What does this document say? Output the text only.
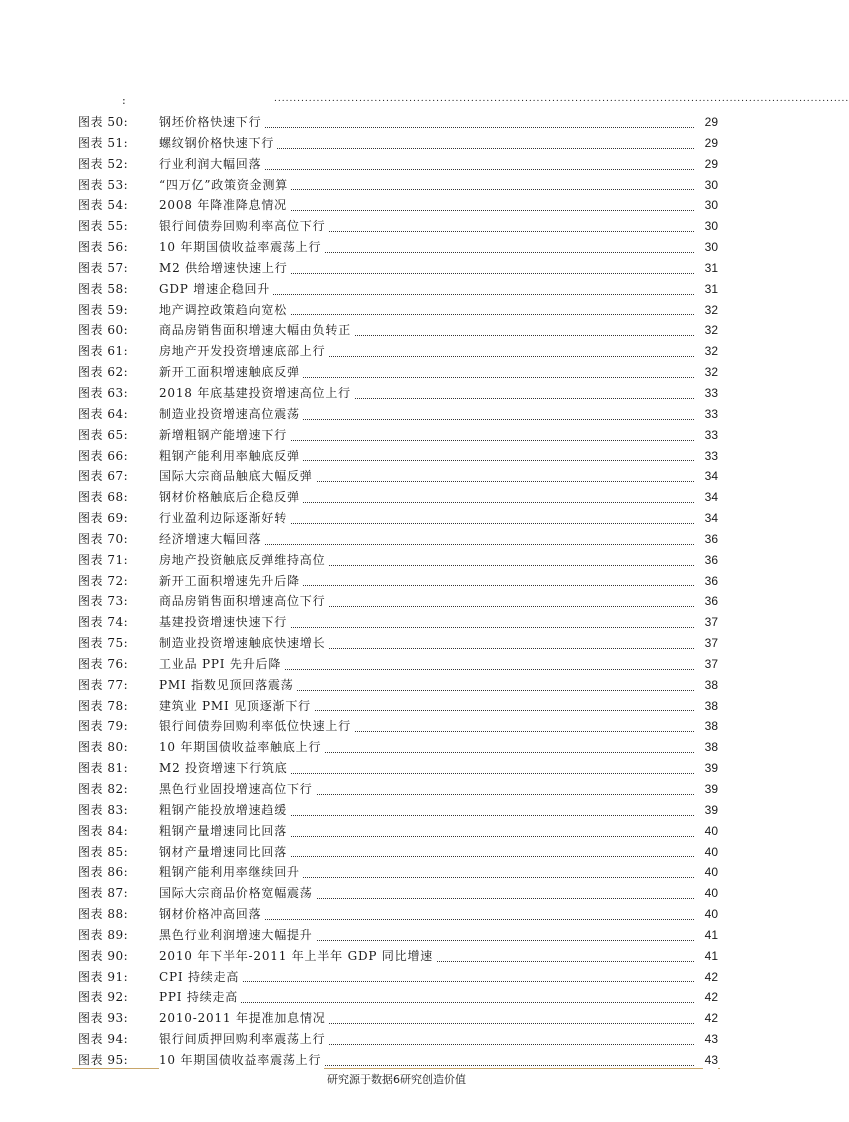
:	.....................................................................................................................................................
图表 50:	钢坯价格快速下行	29
图表 51:	螺纹钢价格快速下行	29
图表 52:	行业利润大幅回落	29
图表 53:	“四万亿”政策资金测算	30
图表 54:	2008 年降准降息情况	30
图表 55:	银行间债券回购利率高位下行	30
图表 56:	10 年期国债收益率震荡上行	30
图表 57:	M2 供给增速快速上行	31
图表 58:	GDP 增速企稳回升	31
图表 59:	地产调控政策趋向宽松	32
图表 60:	商品房销售面积增速大幅由负转正	32
图表 61:	房地产开发投资增速底部上行	32
图表 62:	新开工面积增速触底反弹	32
图表 63:	2018 年底基建投资增速高位上行	33
图表 64:	制造业投资增速高位震荡	33
图表 65:	新增粗钢产能增速下行	33
图表 66:	粗钢产能利用率触底反弹	33
图表 67:	国际大宗商品触底大幅反弹	34
图表 68:	钢材价格触底后企稳反弹	34
图表 69:	行业盈利边际逐渐好转	34
图表 70:	经济增速大幅回落	36
图表 71:	房地产投资触底反弹维持高位	36
图表 72:	新开工面积增速先升后降	36
图表 73:	商品房销售面积增速高位下行	36
图表 74:	基建投资增速快速下行	37
图表 75:	制造业投资增速触底快速增长	37
图表 76:	工业品 PPI 先升后降	37
图表 77:	PMI 指数见顶回落震荡	38
图表 78:	建筑业 PMI 见顶逐渐下行	38
图表 79:	银行间债券回购利率低位快速上行	38
图表 80:	10 年期国债收益率触底上行	38
图表 81:	M2 投资增速下行筑底	39
图表 82:	黑色行业固投增速高位下行	39
图表 83:	粗钢产能投放增速趋缓	39
图表 84:	粗钢产量增速同比回落	40
图表 85:	钢材产量增速同比回落	40
图表 86:	粗钢产能利用率继续回升	40
图表 87:	国际大宗商品价格宽幅震荡	40
图表 88:	钢材价格冲高回落	40
图表 89:	黑色行业利润增速大幅提升	41
图表 90:	2010 年下半年-2011 年上半年 GDP 同比增速	41
图表 91:	CPI 持续走高	42
图表 92:	PPI 持续走高	42
图表 93:	2010-2011 年提准加息情况	42
图表 94:	银行间质押回购利率震荡上行	43
图表 95:	10 年期国债收益率震荡上行	43
研究源于数据6研究创造价值
